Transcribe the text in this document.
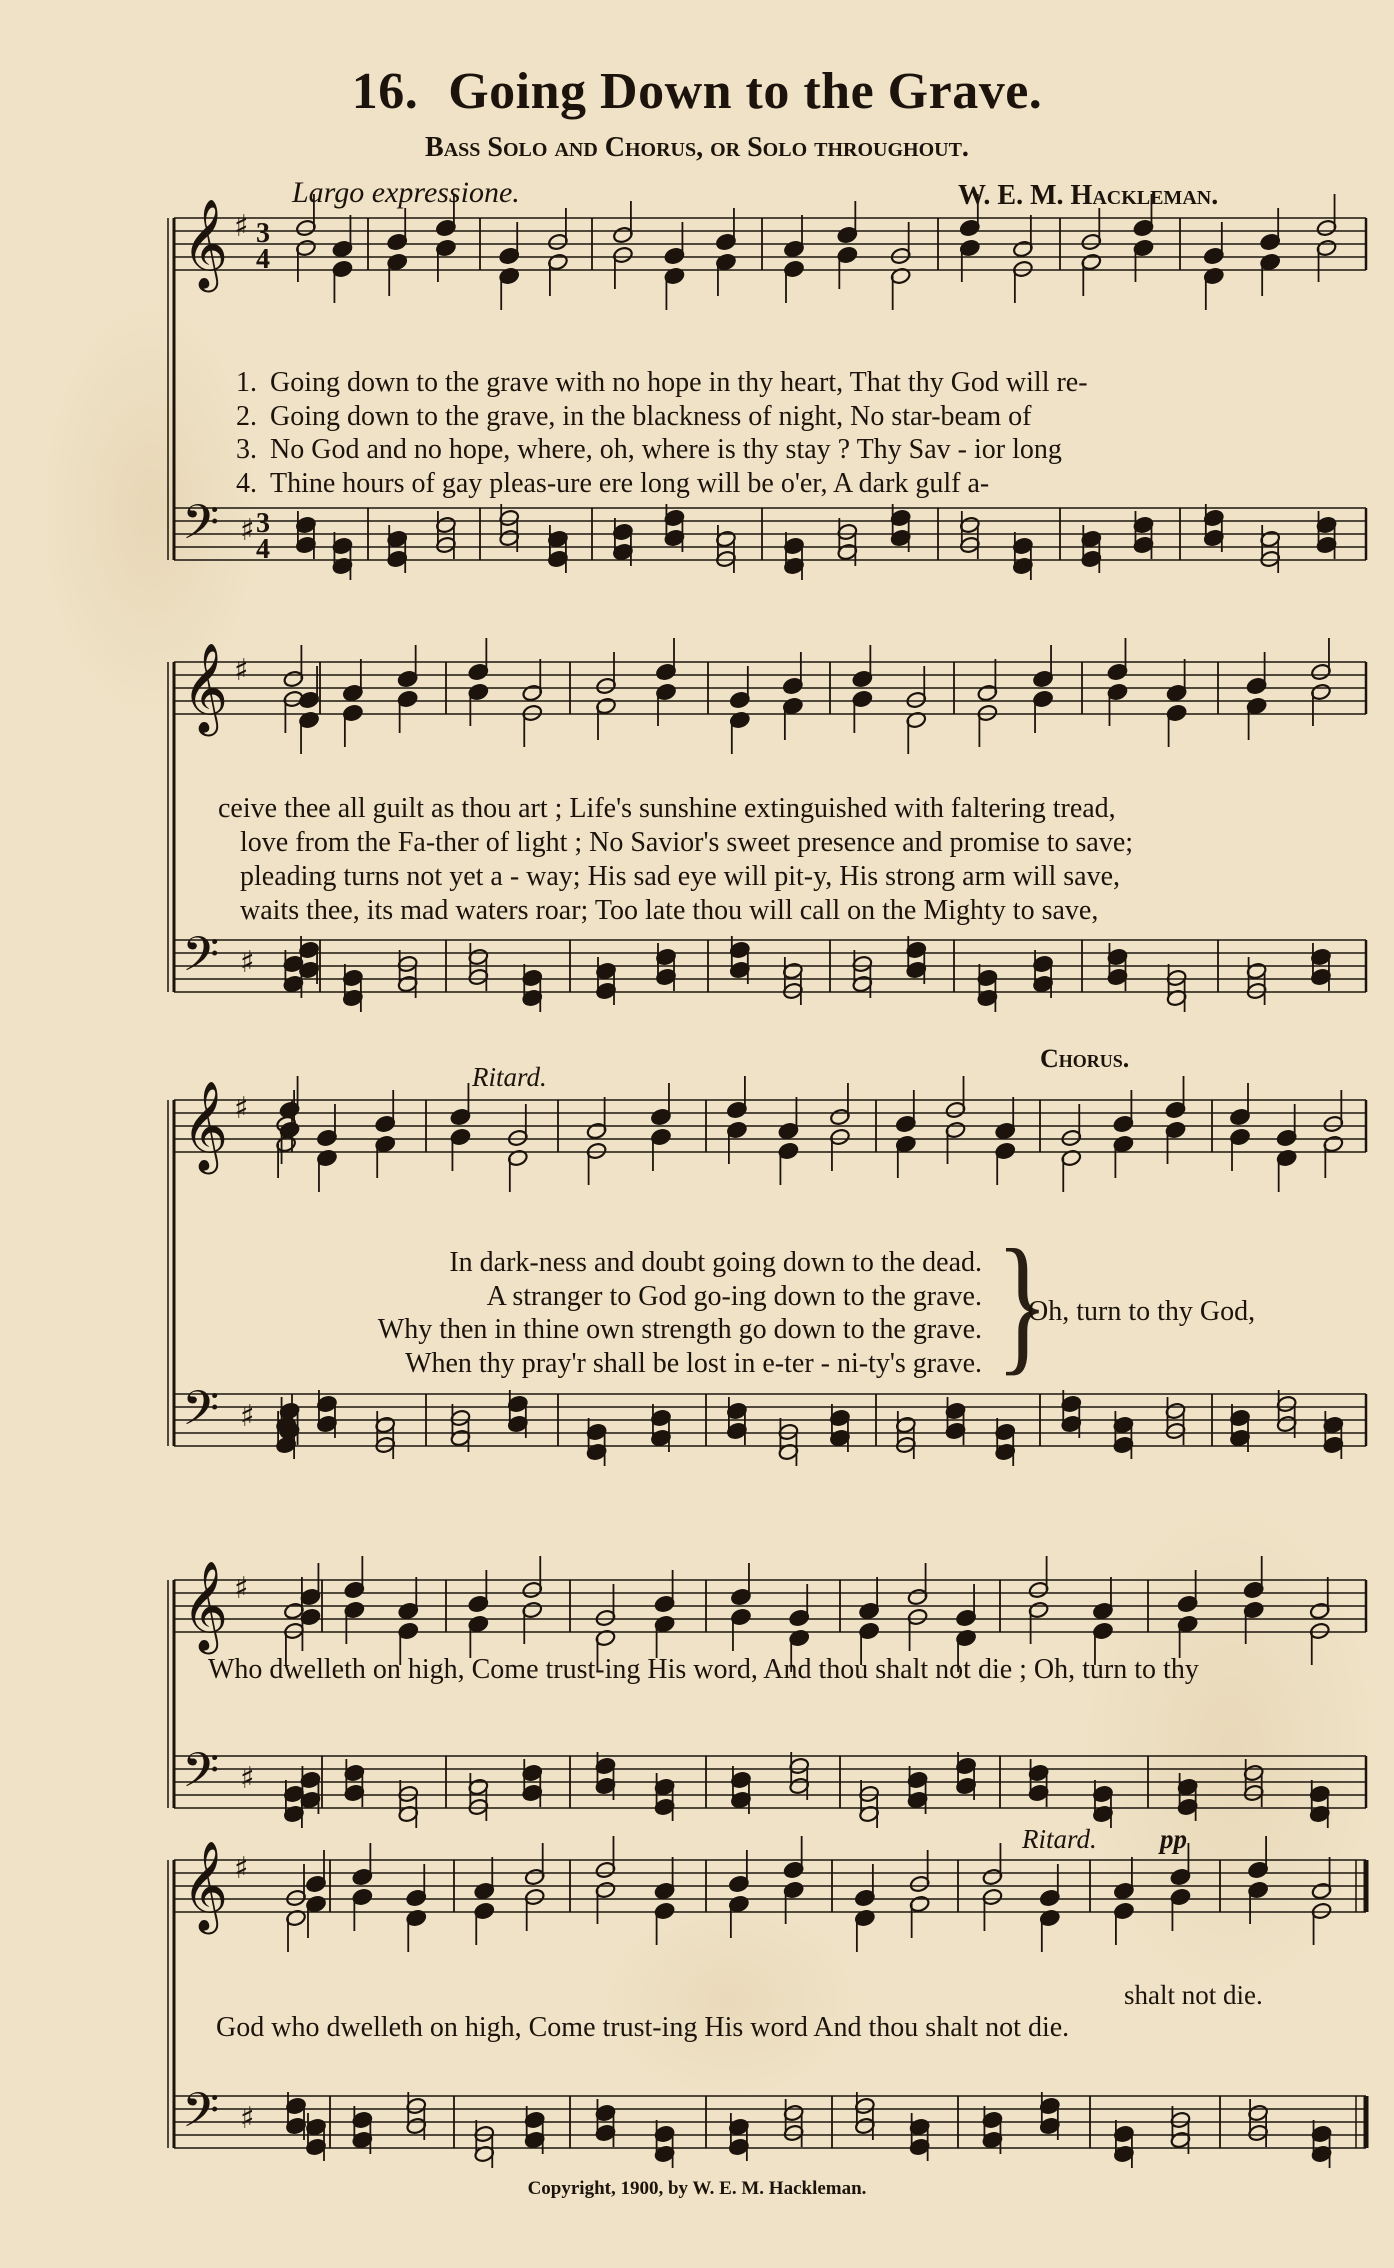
16. Going Down to the Grave.
Bass Solo and Chorus, or Solo throughout.
Largo expressione.	W. E. M. Hackleman.
𝄞
𝄢
♯
♯
3
4
3
4
𝄞
𝄢
♯
♯
𝄞
𝄢
♯
♯
𝄞
𝄢
♯
♯
𝄞
𝄢
♯
♯
1. Going down to the grave with no hope in thy heart, That thy God will re-
2. Going down to the grave, in the blackness of night, No star-beam of
3. No God and no hope, where, oh, where is thy stay ? Thy Sav - ior long
4. Thine hours of gay pleas-ure ere long will be o'er, A dark gulf a-
ceive thee all guilt as thou art ; Life's sunshine extinguished with faltering tread,
love from the Fa-ther of light ; No Savior's sweet presence and promise to save;
pleading turns not yet a - way; His sad eye will pit-y, His strong arm will save,
waits thee, its mad waters roar; Too late thou will call on the Mighty to save,
Ritard.
Chorus.
In dark-ness and doubt going down to the dead.
A stranger to God go-ing down to the grave.
Why then in thine own strength go down to the grave.
When thy pray'r shall be lost in e-ter - ni-ty's grave. }
Oh, turn to thy God,
Who dwelleth on high, Come trust-ing His word, And thou shalt not die ; Oh, turn to thy
Ritard. pp
shalt not die.
God who dwelleth on high, Come trust-ing His word And thou shalt not die.
Copyright, 1900, by W. E. M. Hackleman.
